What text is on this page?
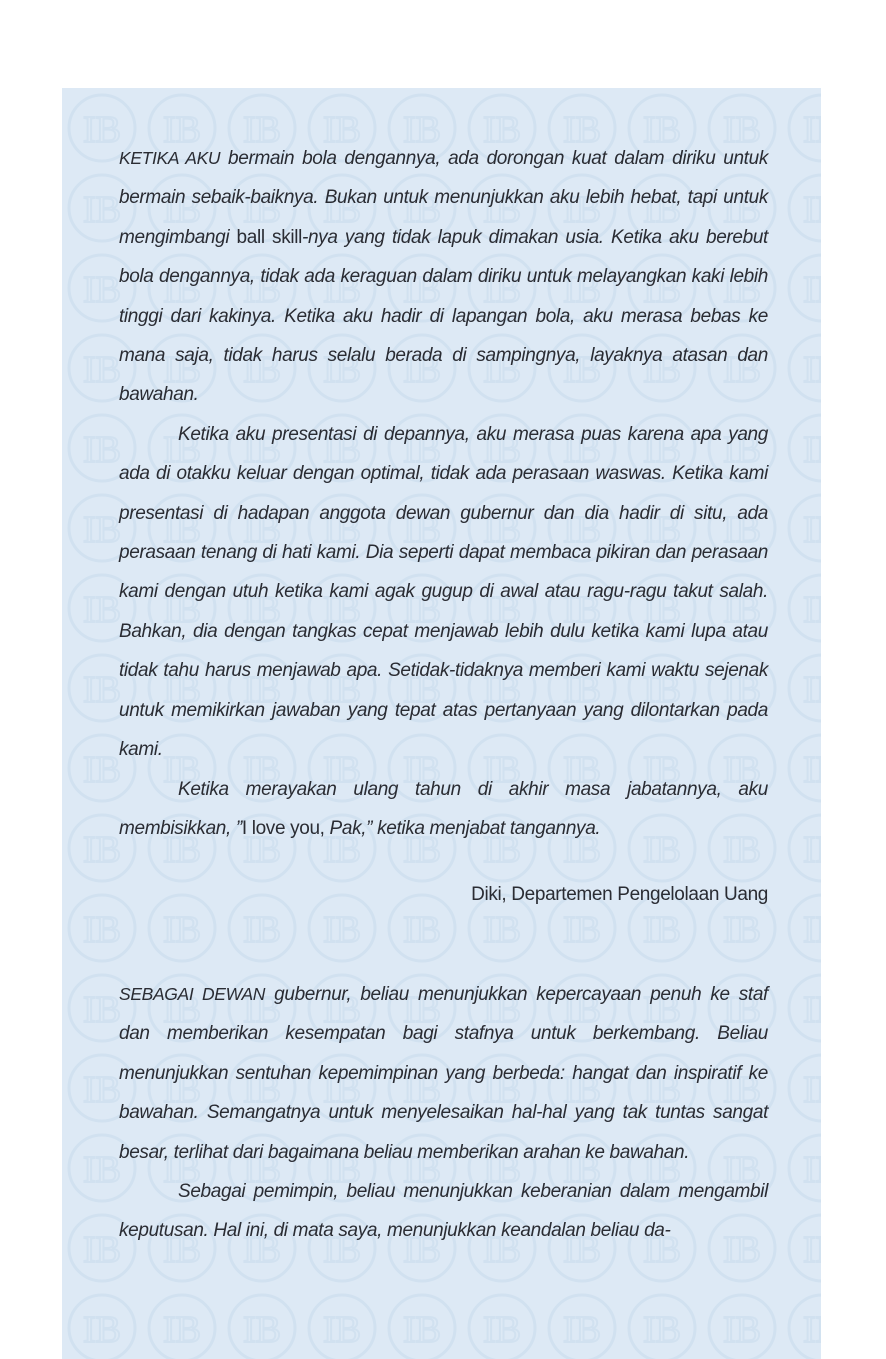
KETIKA AKU bermain bola dengannya, ada dorongan kuat dalam diriku untuk bermain sebaik-baiknya. Bukan untuk menunjukkan aku lebih hebat, tapi untuk mengimbangi ball skill-nya yang tidak lapuk dimakan usia. Ketika aku berebut bola dengannya, tidak ada keraguan dalam diriku untuk melayangkan kaki lebih tinggi dari kakinya. Ketika aku hadir di lapangan bola, aku merasa bebas ke mana saja, tidak harus selalu berada di sampingnya, layaknya atasan dan bawahan.

Ketika aku presentasi di depannya, aku merasa puas karena apa yang ada di otakku keluar dengan optimal, tidak ada perasaan waswas. Ketika kami presentasi di hadapan anggota dewan gubernur dan dia hadir di situ, ada perasaan tenang di hati kami. Dia seperti dapat membaca pikiran dan perasaan kami dengan utuh ketika kami agak gugup di awal atau ragu-ragu takut salah. Bahkan, dia dengan tangkas cepat menjawab lebih dulu ketika kami lupa atau tidak tahu harus menjawab apa. Setidak-tidaknya memberi kami waktu sejenak untuk memikirkan jawaban yang tepat atas pertanyaan yang dilontarkan pada kami.

Ketika merayakan ulang tahun di akhir masa jabatannya, aku membisikkan, ”I love you, Pak,” ketika menjabat tangannya.

Diki, Departemen Pengelolaan Uang

SEBAGAI DEWAN gubernur, beliau menunjukkan kepercayaan penuh ke staf dan memberikan kesempatan bagi stafnya untuk berkembang. Beliau menunjukkan sentuhan kepemimpinan yang berbeda: hangat dan inspiratif ke bawahan. Semangatnya untuk menyelesaikan hal-hal yang tak tuntas sangat besar, terlihat dari bagaimana beliau memberikan arahan ke bawahan.

Sebagai pemimpin, beliau menunjukkan keberanian dalam mengambil keputusan. Hal ini, di mata saya, menunjukkan keandalan beliau da-
